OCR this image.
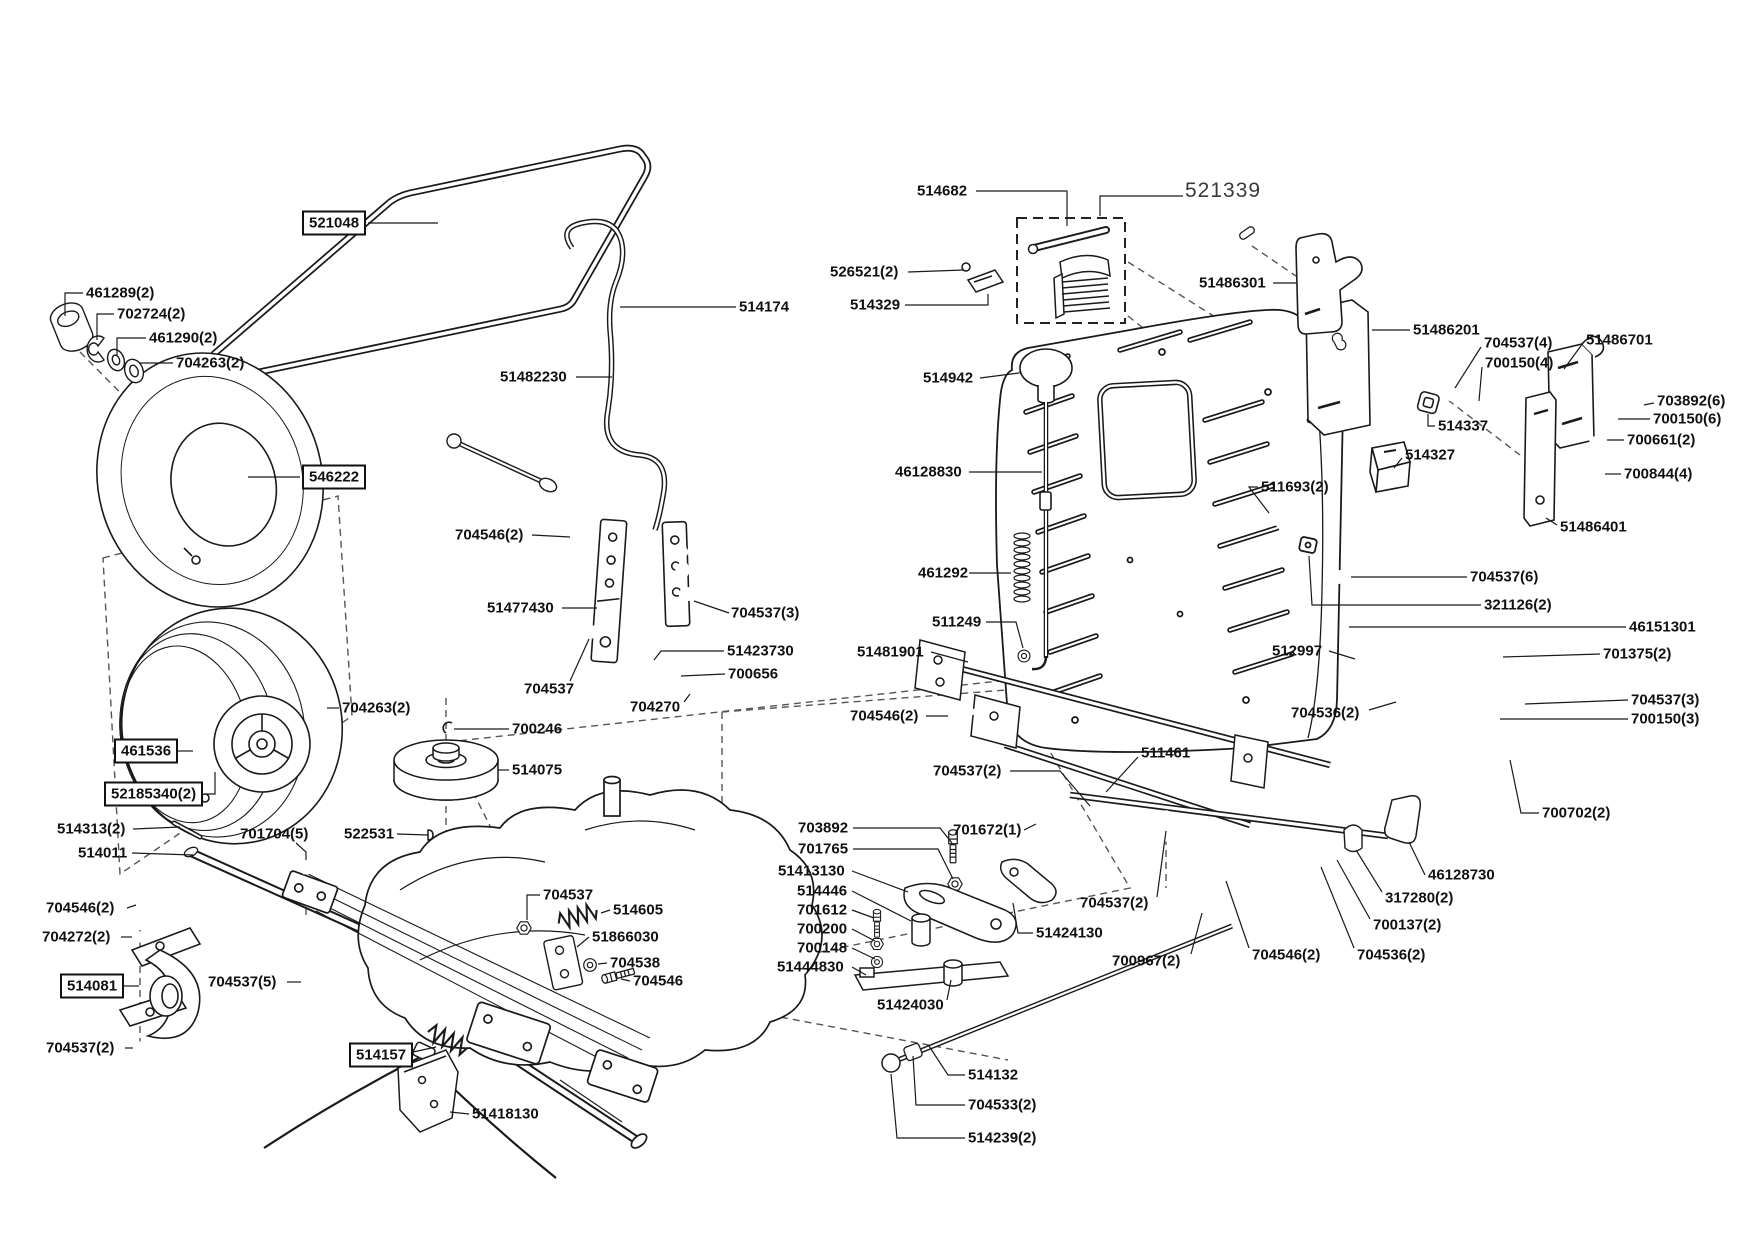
521048
461289(2)
702724(2)
461290(2)
704263(2)
51482230
514174
546222
514682	521339
526521(2)
514329
514942
46128830
461292
511249
51481901
704263(2)
700246
514075
461536
52185340(2)
514313(2)
514011
701704(5) 522531
704546(2)
51477430
704537
704537(3)
51423730
700656
704270
704546(2)
704272(2)
514081	704537(5)
704537(2)	514157
51418130
704537
514605
51866030
704538
704546
703892
701765
51413130
514446
701612
700200
700148
51444830
51424030
701672(1)
704537(2)
704546(2)
704537(2)
51424130
700967(2)	704546(2) 704536(2)
317280(2)
700137(2)
46128730
514132
704533(2)
514239(2)
51486301
51486201
704537(4) 51486701
700150(4)
514337
514327
703892(6)
700150(6)
700661(2)
700844(4)
51486401
511693(2)
704537(6)
321126(2)
46151301
701375(2)
704537(3)
700150(3)
511461
512997
704536(2)
700702(2)
